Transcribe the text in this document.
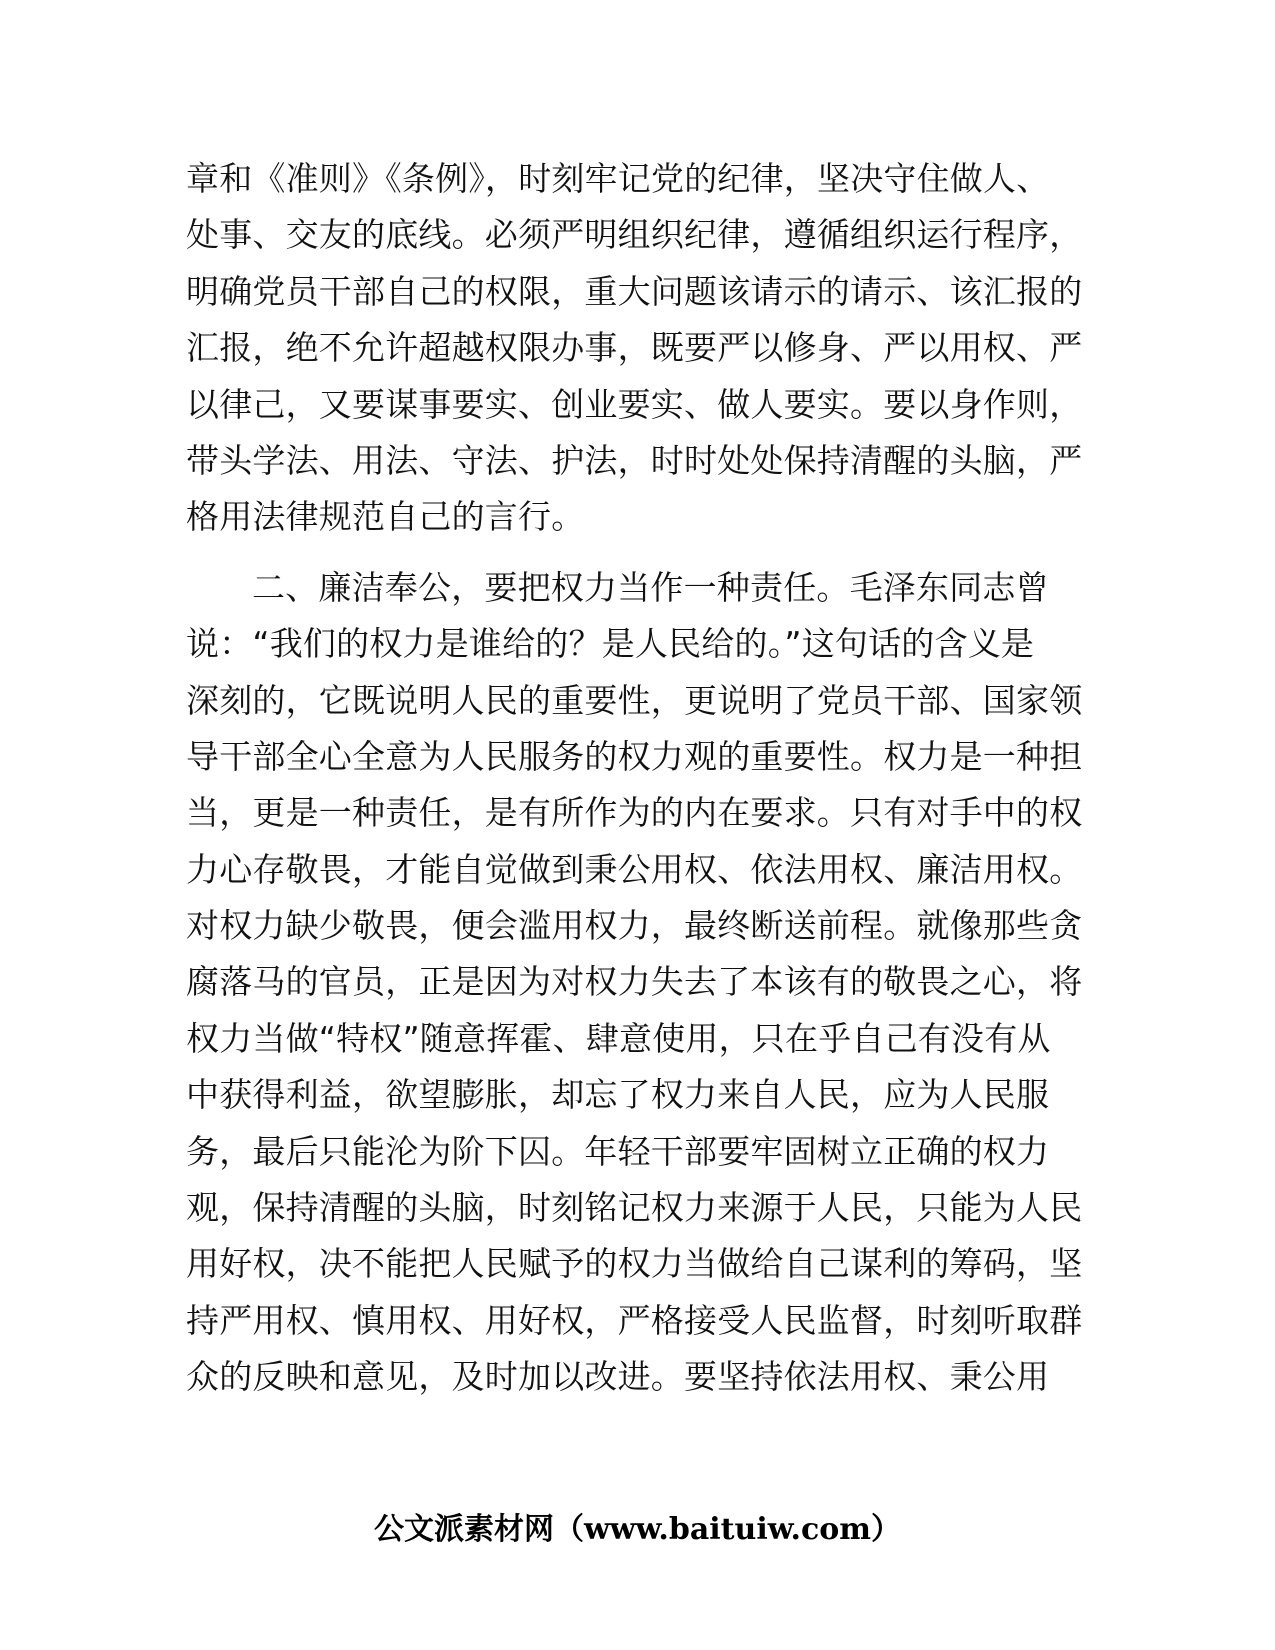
章和《准则》《条例》，时刻牢记党的纪律，坚决守住做人、
处事、交友的底线。必须严明组织纪律，遵循组织运行程序，
明确党员干部自己的权限，重大问题该请示的请示、该汇报的
汇报，绝不允许超越权限办事，既要严以修身、严以用权、严
以律己，又要谋事要实、创业要实、做人要实。要以身作则，
带头学法、用法、守法、护法，时时处处保持清醒的头脑，严
格用法律规范自己的言行。
二、廉洁奉公，要把权力当作一种责任。毛泽东同志曾
说：“我们的权力是谁给的？是人民给的。”这句话的含义是
深刻的，它既说明人民的重要性，更说明了党员干部、国家领
导干部全心全意为人民服务的权力观的重要性。权力是一种担
当，更是一种责任，是有所作为的内在要求。只有对手中的权
力心存敬畏，才能自觉做到秉公用权、依法用权、廉洁用权。
对权力缺少敬畏，便会滥用权力，最终断送前程。就像那些贪
腐落马的官员，正是因为对权力失去了本该有的敬畏之心，将
权力当做“特权”随意挥霍、肆意使用，只在乎自己有没有从
中获得利益，欲望膨胀，却忘了权力来自人民，应为人民服
务，最后只能沦为阶下囚。年轻干部要牢固树立正确的权力
观，保持清醒的头脑，时刻铭记权力来源于人民，只能为人民
用好权，决不能把人民赋予的权力当做给自己谋利的筹码，坚
持严用权、慎用权、用好权，严格接受人民监督，时刻听取群
众的反映和意见，及时加以改进。要坚持依法用权、秉公用
公文派素材网（www.baituiw.com）
